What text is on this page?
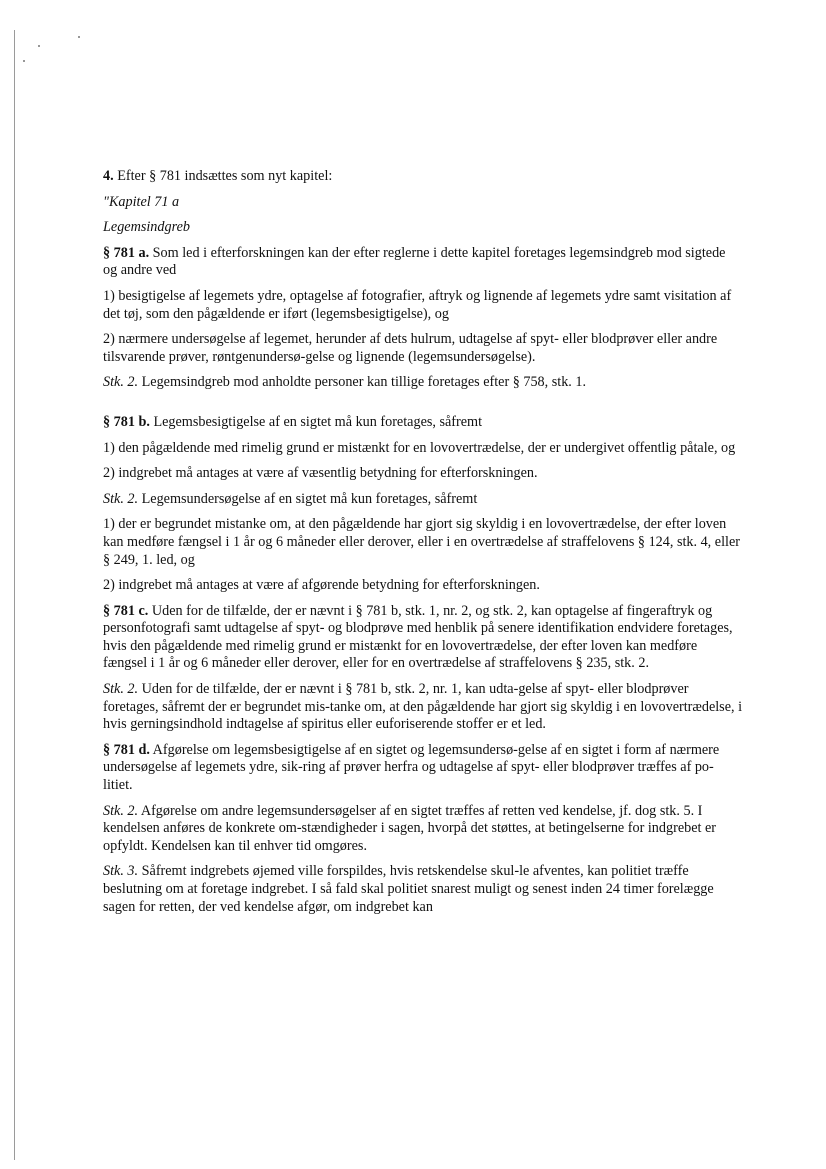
4. Efter § 781 indsættes som nyt kapitel:

"Kapitel 71 a

Legemsindgreb

§ 781 a. Som led i efterforskningen kan der efter reglerne i dette kapitel foretages legemsindgreb mod sigtede og andre ved

1) besigtigelse af legemets ydre, optagelse af fotografier, aftryk og lignende af legemets ydre samt visitation af det tøj, som den pågældende er iført (legemsbesigtigelse), og

2) nærmere undersøgelse af legemet, herunder af dets hulrum, udtagelse af spyt- eller blodprøver eller andre tilsvarende prøver, røntgenundersø-gelse og lignende (legemsundersøgelse).

Stk. 2. Legemsindgreb mod anholdte personer kan tillige foretages efter § 758, stk. 1.

§ 781 b. Legemsbesigtigelse af en sigtet må kun foretages, såfremt

1) den pågældende med rimelig grund er mistænkt for en lovovertrædelse, der er undergivet offentlig påtale, og

2) indgrebet må antages at være af væsentlig betydning for efterforskningen.

Stk. 2. Legemsundersøgelse af en sigtet må kun foretages, såfremt

1) der er begrundet mistanke om, at den pågældende har gjort sig skyldig i en lovovertrædelse, der efter loven kan medføre fængsel i 1 år og 6 måneder eller derover, eller i en overtrædelse af straffelovens § 124, stk. 4, eller § 249, 1. led, og

2) indgrebet må antages at være af afgørende betydning for efterforskningen.

§ 781 c. Uden for de tilfælde, der er nævnt i § 781 b, stk. 1, nr. 2, og stk. 2, kan optagelse af fingeraftryk og personfotografi samt udtagelse af spyt- og blodprøve med henblik på senere identifikation endvidere foretages, hvis den pågældende med rimelig grund er mistænkt for en lovovertrædelse, der efter loven kan medføre fængsel i 1 år og 6 måneder eller derover, eller for en overtrædelse af straffelovens § 235, stk. 2.

Stk. 2. Uden for de tilfælde, der er nævnt i § 781 b, stk. 2, nr. 1, kan udta-gelse af spyt- eller blodprøver foretages, såfremt der er begrundet mis-tanke om, at den pågældende har gjort sig skyldig i en lovovertrædelse, i hvis gerningsindhold indtagelse af spiritus eller euforiserende stoffer er et led.

§ 781 d. Afgørelse om legemsbesigtigelse af en sigtet og legemsundersø-gelse af en sigtet i form af nærmere undersøgelse af legemets ydre, sik-ring af prøver herfra og udtagelse af spyt- eller blodprøver træffes af po-litiet.

Stk. 2. Afgørelse om andre legemsundersøgelser af en sigtet træffes af retten ved kendelse, jf. dog stk. 5. I kendelsen anføres de konkrete om-stændigheder i sagen, hvorpå det støttes, at betingelserne for indgrebet er opfyldt. Kendelsen kan til enhver tid omgøres.

Stk. 3. Såfremt indgrebets øjemed ville forspildes, hvis retskendelse skul-le afventes, kan politiet træffe beslutning om at foretage indgrebet. I så fald skal politiet snarest muligt og senest inden 24 timer forelægge sagen for retten, der ved kendelse afgør, om indgrebet kan
